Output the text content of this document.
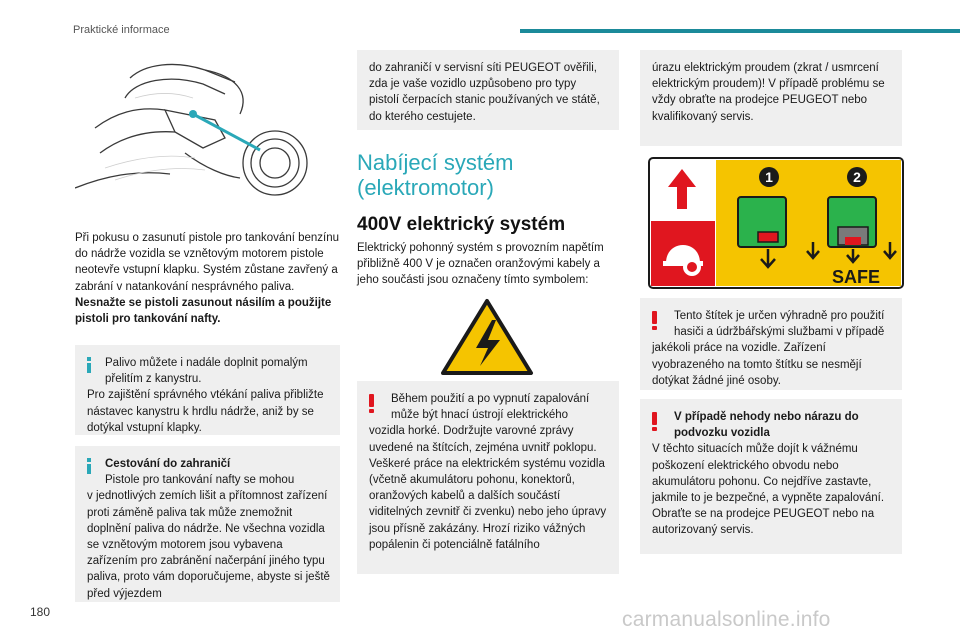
Praktické informace

Při pokusu o zasunutí pistole pro tankování benzínu do nádrže vozidla se vznětovým motorem pistole neotevře vstupní klapku. Systém zůstane zavřený a zabrání v natankování nesprávného paliva.

Nesnažte se pistoli zasunout násilím a použijte pistoli pro tankování nafty.

Palivo můžete i nadále doplnit pomalým přelitím z kanystru.

Pro zajištění správného vtékání paliva přibližte nástavec kanystru k hrdlu nádrže, aniž by se dotýkal vstupní klapky.

Cestování do zahraničí

Pistole pro tankování nafty se mohou

v jednotlivých zemích lišit a přítomnost zařízení proti záměně paliva tak může znemožnit doplnění paliva do nádrže. Ne všechna vozidla se vznětovým motorem jsou vybavena zařízením pro zabránění načerpání jiného typu paliva, proto vám doporučujeme, abyste si ještě před výjezdem

do zahraničí v servisní síti PEUGEOT ověřili, zda je vaše vozidlo uzpůsobeno pro typy pistolí čerpacích stanic používaných ve státě, do kterého cestujete.

Nabíjecí systém (elektromotor)
400V elektrický systém

Elektrický pohonný systém s provozním napětím přibližně 400 V je označen oranžovými kabely a jeho součásti jsou označeny tímto symbolem:

Během použití a po vypnutí zapalování může být hnací ústrojí elektrického

vozidla horké. Dodržujte varovné zprávy uvedené na štítcích, zejména uvnitř poklopu. Veškeré práce na elektrickém systému vozidla (včetně akumulátoru pohonu, konektorů, oranžových kabelů a dalších součástí viditelných zevnitř či zvenku) nebo jeho úpravy jsou přísně zakázány. Hrozí riziko vážných popálenin či potenciálně fatálního

úrazu elektrickým proudem (zkrat / usmrcení elektrickým proudem)! V případě problému se vždy obraťte na prodejce PEUGEOT nebo kvalifikovaný servis.

1	2
SAFE

Tento štítek je určen výhradně pro použití hasiči a údržbářskými službami v případě

jakékoli práce na vozidle. Zařízení vyobrazeného na tomto štítku se nesmějí dotýkat žádné jiné osoby.

V případě nehody nebo nárazu do podvozku vozidla

V těchto situacích může dojít k vážnému poškození elektrického obvodu nebo akumulátoru pohonu. Co nejdříve zastavte, jakmile to je bezpečné, a vypněte zapalování. Obraťte se na prodejce PEUGEOT nebo na autorizovaný servis.

180	carmanualsonline.info
